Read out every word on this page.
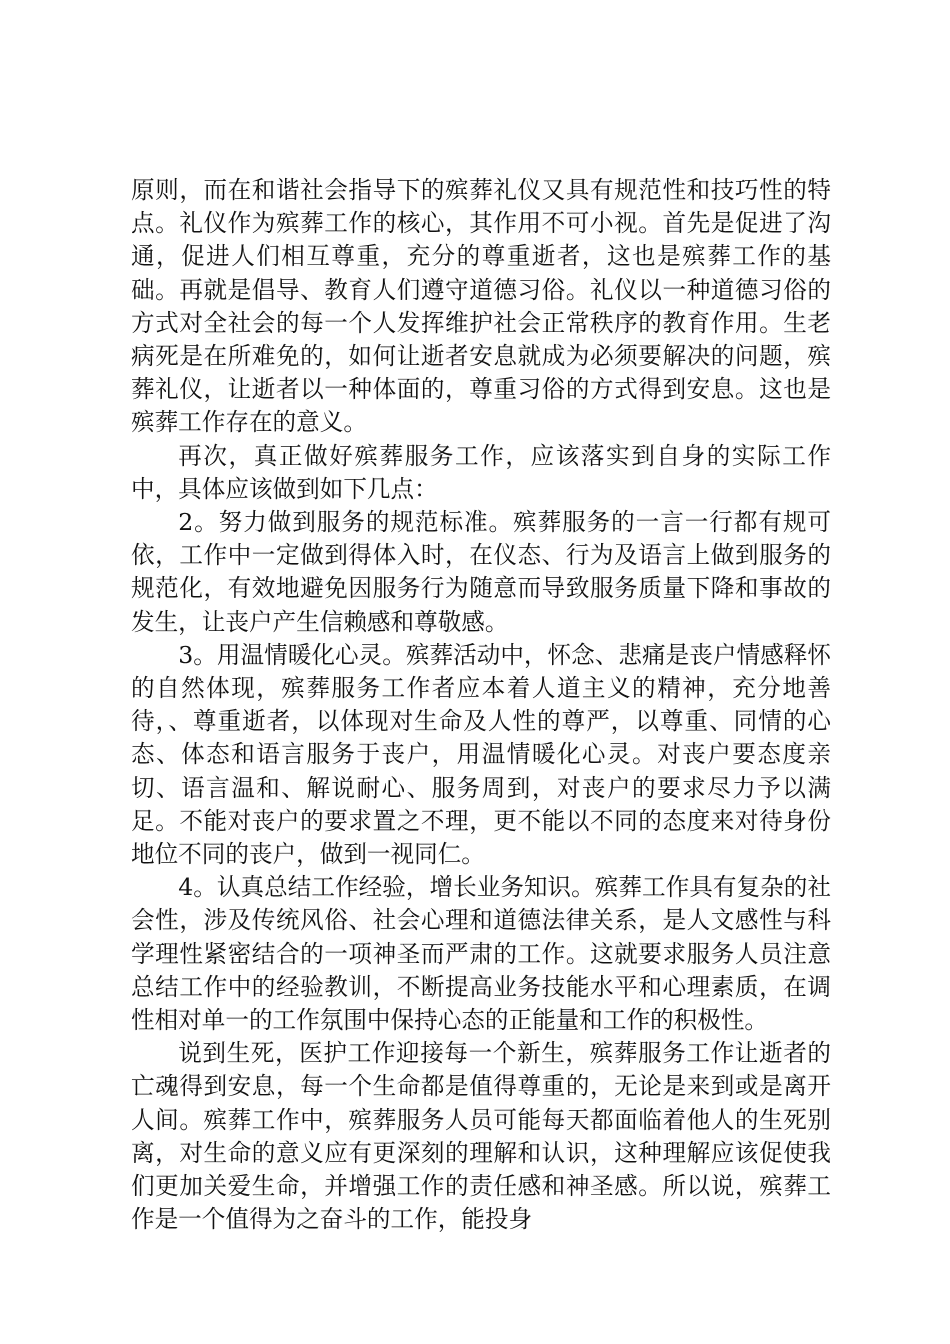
原则，而在和谐社会指导下的殡葬礼仪又具有规范性和技巧性的特点。礼仪作为殡葬工作的核心，其作用不可小视。首先是促进了沟通，促进人们相互尊重，充分的尊重逝者，这也是殡葬工作的基础。再就是倡导、教育人们遵守道德习俗。礼仪以一种道德习俗的方式对全社会的每一个人发挥维护社会正常秩序的教育作用。生老病死是在所难免的，如何让逝者安息就成为必须要解决的问题，殡葬礼仪，让逝者以一种体面的，尊重习俗的方式得到安息。这也是殡葬工作存在的意义。

再次，真正做好殡葬服务工作，应该落实到自身的实际工作中，具体应该做到如下几点：

2。努力做到服务的规范标准。殡葬服务的一言一行都有规可依，工作中一定做到得体入时，在仪态、行为及语言上做到服务的规范化，有效地避免因服务行为随意而导致服务质量下降和事故的发生，让丧户产生信赖感和尊敬感。

3。用温情暖化心灵。殡葬活动中，怀念、悲痛是丧户情感释怀的自然体现，殡葬服务工作者应本着人道主义的精神，充分地善待，、尊重逝者，以体现对生命及人性的尊严，以尊重、同情的心态、体态和语言服务于丧户，用温情暖化心灵。对丧户要态度亲切、语言温和、解说耐心、服务周到，对丧户的要求尽力予以满足。不能对丧户的要求置之不理，更不能以不同的态度来对待身份地位不同的丧户，做到一视同仁。

4。认真总结工作经验，增长业务知识。殡葬工作具有复杂的社会性，涉及传统风俗、社会心理和道德法律关系，是人文感性与科学理性紧密结合的一项神圣而严肃的工作。这就要求服务人员注意总结工作中的经验教训，不断提高业务技能水平和心理素质，在调性相对单一的工作氛围中保持心态的正能量和工作的积极性。

说到生死，医护工作迎接每一个新生，殡葬服务工作让逝者的亡魂得到安息，每一个生命都是值得尊重的，无论是来到或是离开人间。殡葬工作中，殡葬服务人员可能每天都面临着他人的生死别离，对生命的意义应有更深刻的理解和认识，这种理解应该促使我们更加关爱生命，并增强工作的责任感和神圣感。所以说，殡葬工作是一个值得为之奋斗的工作，能投身
